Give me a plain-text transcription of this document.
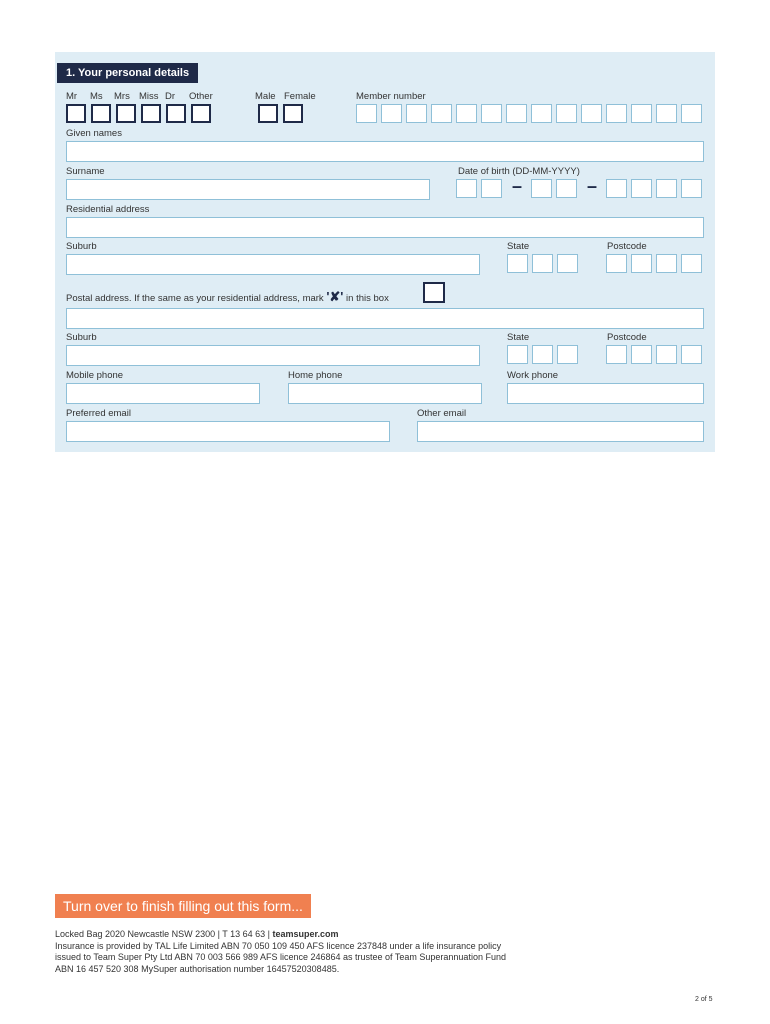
1. Your personal details
Mr Ms Mrs Miss Dr Other	Male Female	Member number
Given names
Surname	Date of birth (DD-MM-YYYY)
–	–
Residential address
Suburb	State	Postcode
Postal address. If the same as your residential address, mark '✘' in this box
Suburb	State	Postcode
Mobile phone	Home phone	Work phone
Preferred email	Other email
Turn over to finish filling out this form...
Locked Bag 2020 Newcastle NSW 2300 | T 13 64 63 | teamsuper.com
Insurance is provided by TAL Life Limited ABN 70 050 109 450 AFS licence 237848 under a life insurance policy issued to Team Super Pty Ltd ABN 70 003 566 989 AFS licence 246864 as trustee of Team Superannuation Fund ABN 16 457 520 308 MySuper authorisation number 16457520308485.
2 of 5
